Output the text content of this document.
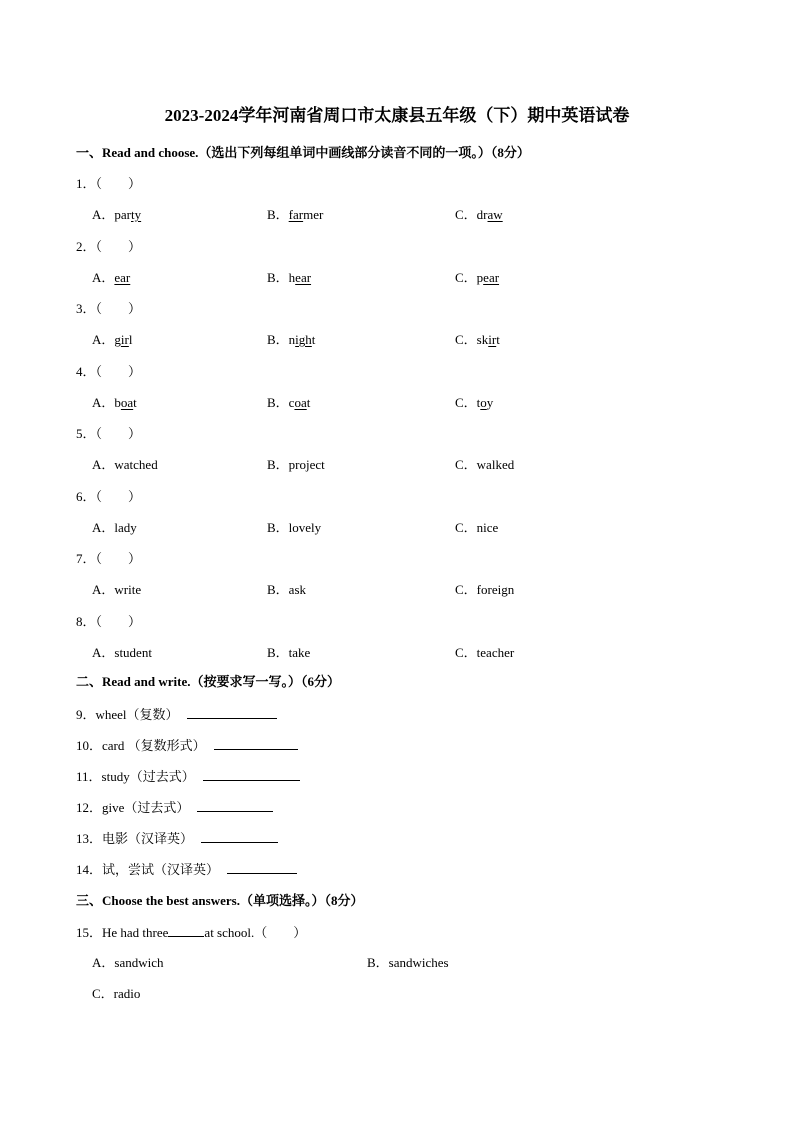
2023-2024学年河南省周口市太康县五年级（下）期中英语试卷
一、Read and choose.（选出下列每组单词中画线部分读音不同的一项。）（8分）
1．（　　）
A．party	B．farmer	C．draw
2．（　　）
A．ear	B．hear	C．pear
3．（　　）
A．girl	B．night	C．skirt
4．（　　）
A．boat	B．coat	C．toy
5．（　　）
A．watched	B．project	C．walked
6．（　　）
A．lady	B．lovely	C．nice
7．（　　）
A．write	B．ask	C．foreign
8．（　　）
A．student	B．take	C．teacher
二、Read and write.（按要求写一写。）（6分）
9．wheel（复数）
10．card （复数形式）
11．study（过去式）
12．give（过去式）
13．电影（汉译英）
14．试，尝试（汉译英）
三、Choose the best answers.（单项选择。）（8分）
15．He had three	at school.（　　）
A．sandwich	B．sandwiches
C．radio
